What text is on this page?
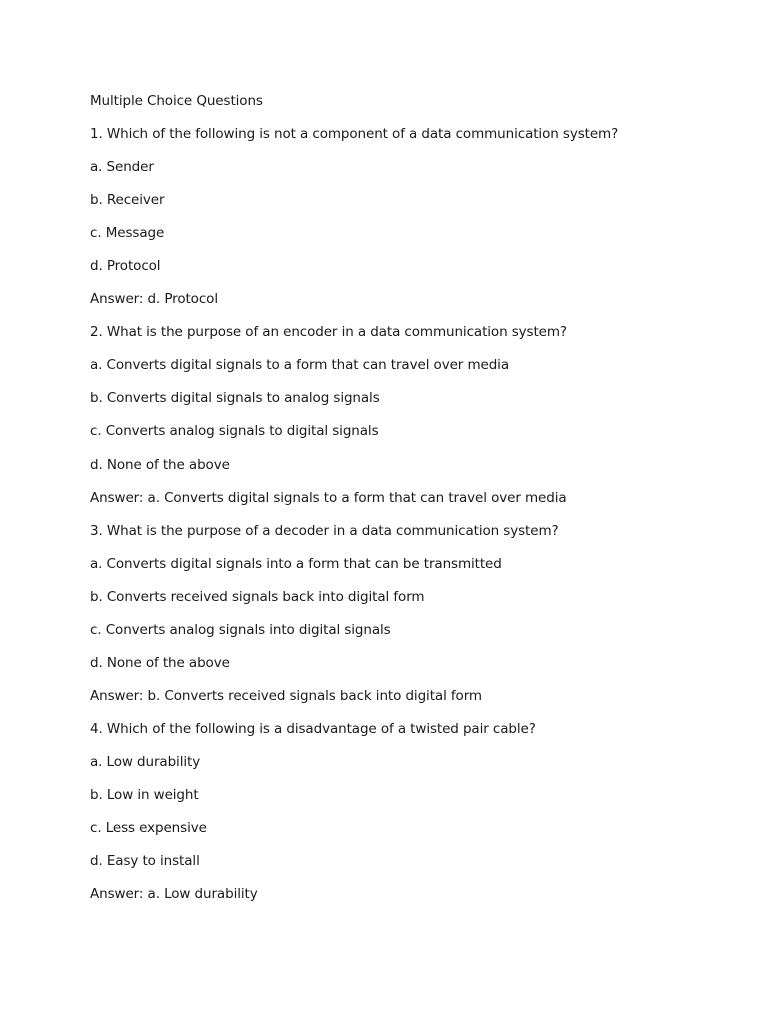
Multiple Choice Questions
1. Which of the following is not a component of a data communication system?
a. Sender
b. Receiver
c. Message
d. Protocol
Answer: d. Protocol
2. What is the purpose of an encoder in a data communication system?
a. Converts digital signals to a form that can travel over media
b. Converts digital signals to analog signals
c. Converts analog signals to digital signals
d. None of the above
Answer: a. Converts digital signals to a form that can travel over media
3. What is the purpose of a decoder in a data communication system?
a. Converts digital signals into a form that can be transmitted
b. Converts received signals back into digital form
c. Converts analog signals into digital signals
d. None of the above
Answer: b. Converts received signals back into digital form
4. Which of the following is a disadvantage of a twisted pair cable?
a. Low durability
b. Low in weight
c. Less expensive
d. Easy to install
Answer: a. Low durability
